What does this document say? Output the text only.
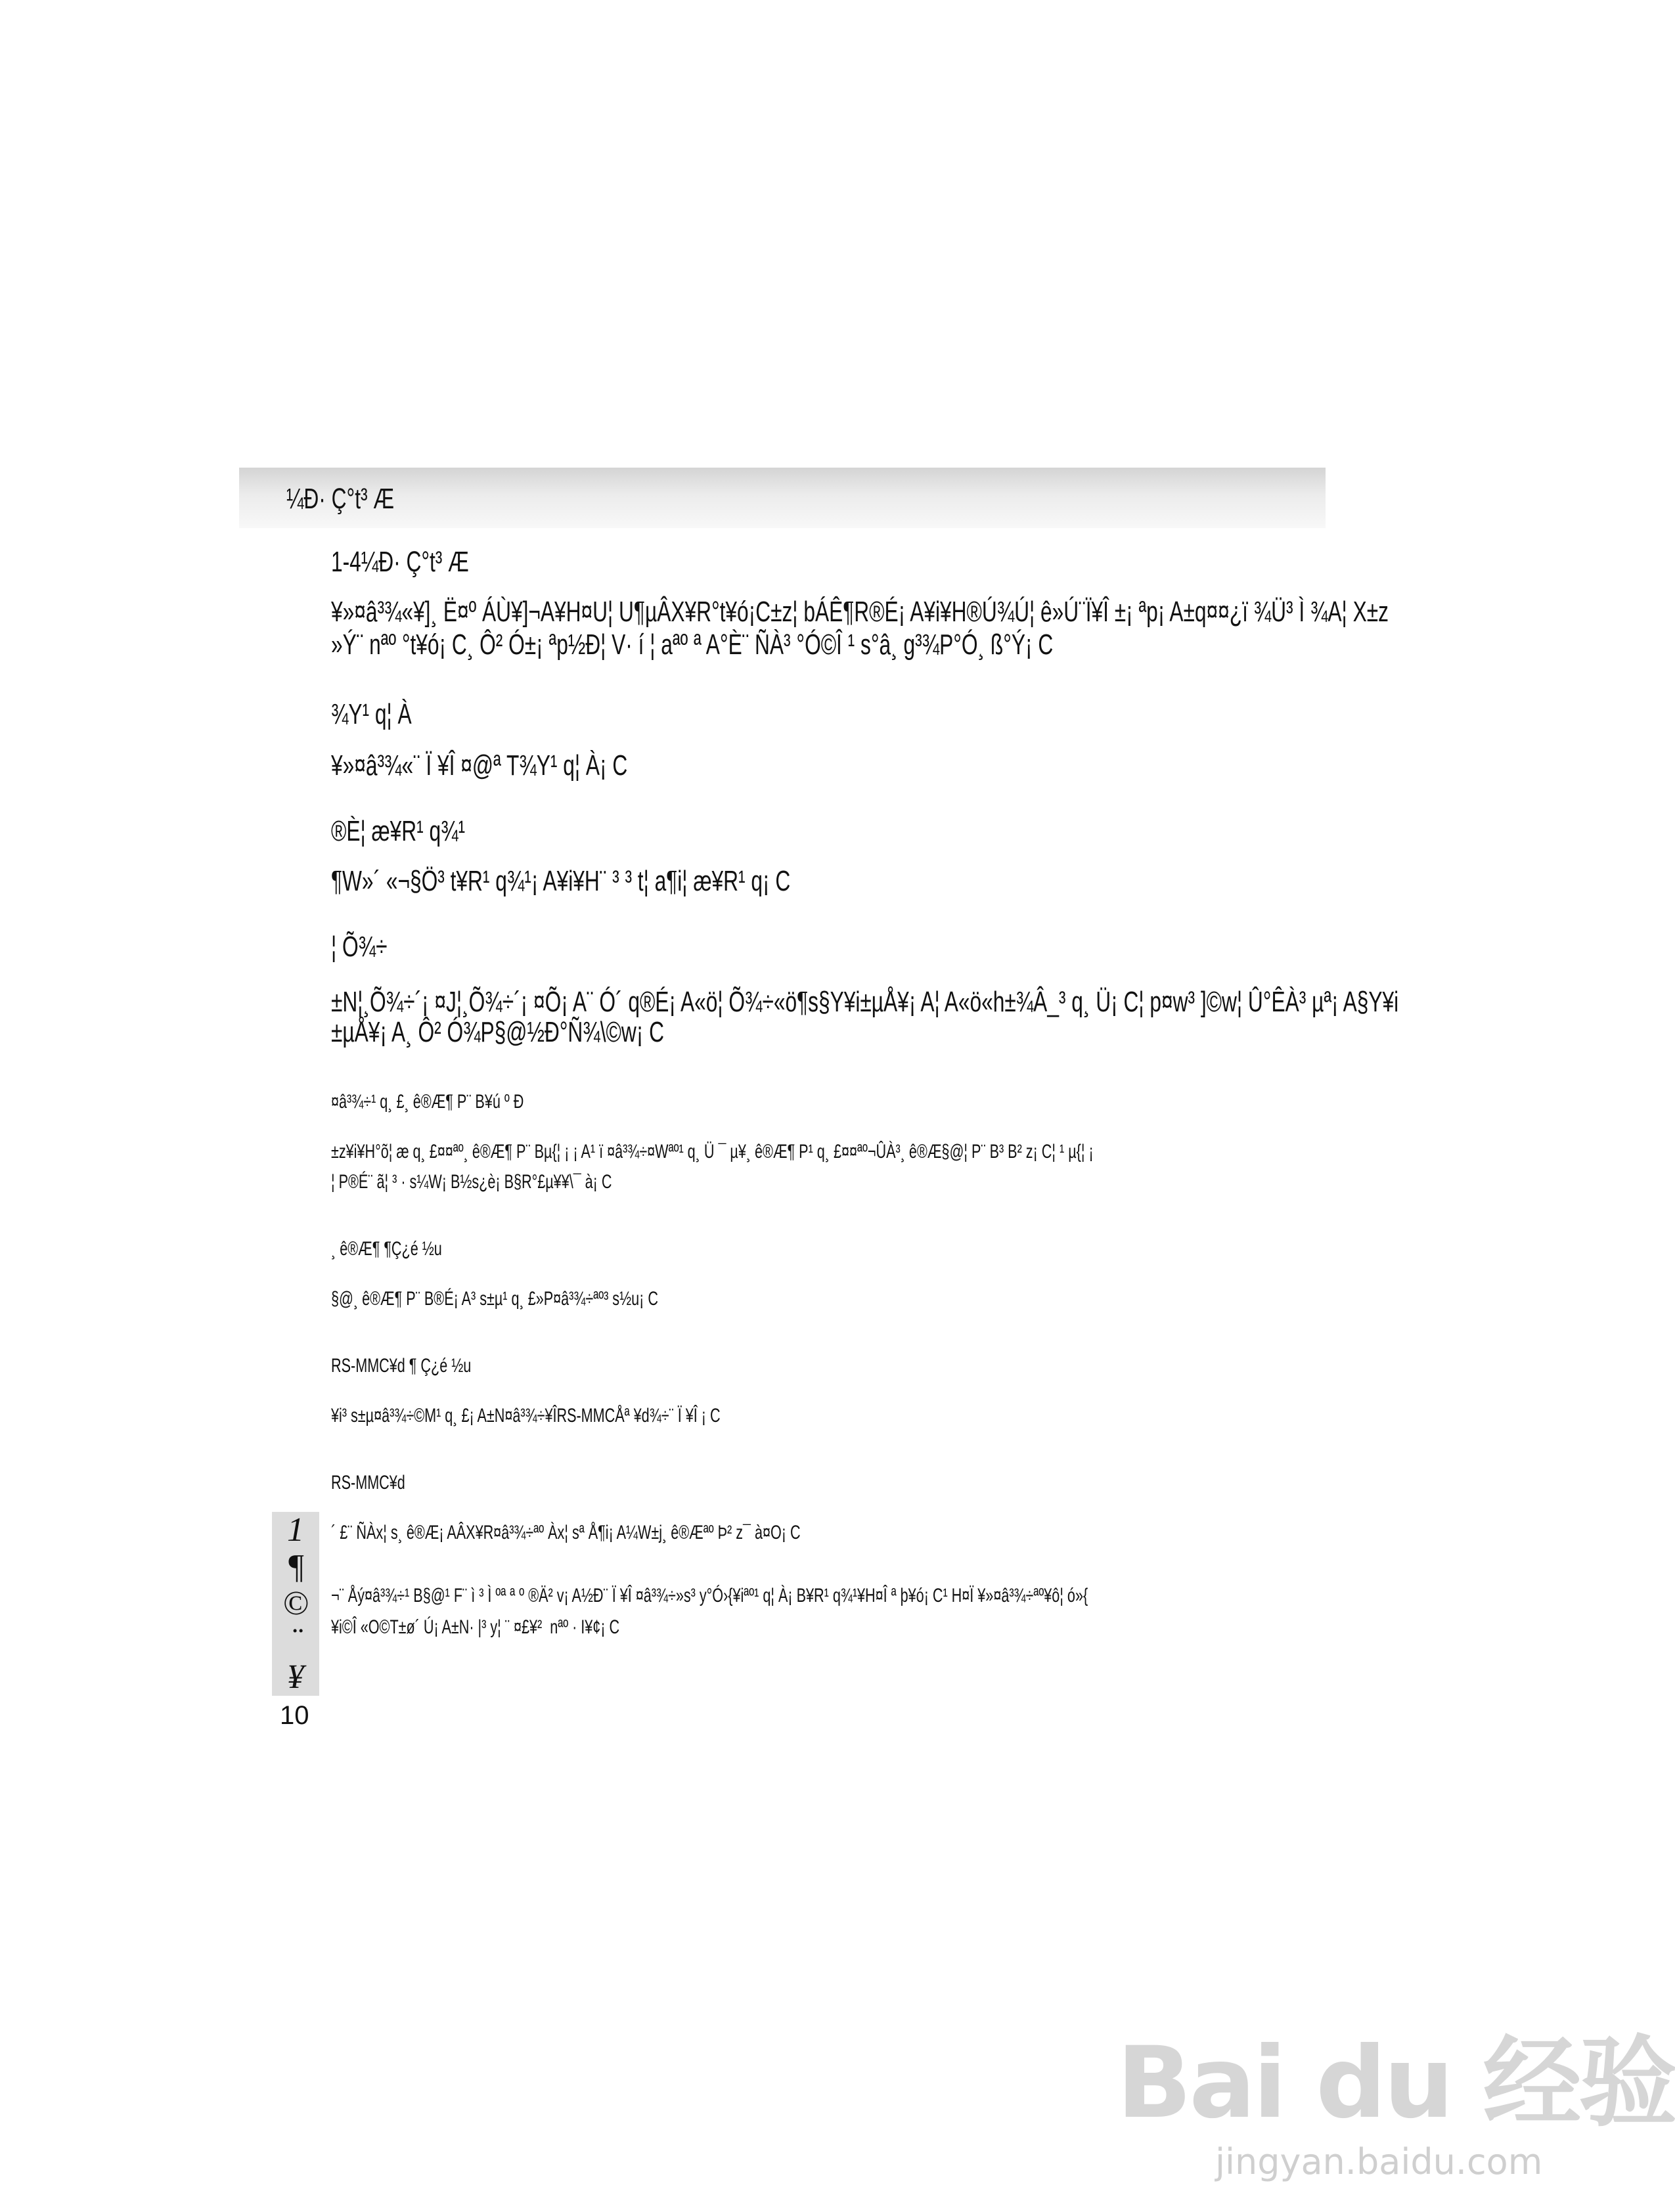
¼Ð· Ç°t³ Æ
1-4¼Ð· Ç°t³ Æ
¥»¤â³¾«¥]¸ Ë¤º ÁÙ¥]¬A¥H¤U¦ U¶µÂX¥R°t¥ó¡C±z¦ bÁÊ¶R®É¡ A¥i¥H®Ú¾Ú¦ ê»Ú¨Ï¥Î ±¡ ªp¡ A±q¤¤¿ï ¾Ü³ Ì ¾A¦ X±z
»Ý¨ nªº °t¥ó¡ C¸ Ô² Ó±¡ ªp½Ð¦ V· í ¦ aªº ª A°È¨ ÑÀ³ °Ó©Î ¹ s°â¸ g³¾P°Ó¸ ß°Ý¡ C
¾Y¹ q¦ À
¥»¤â³¾«¨ Ï ¥Î ¤@ª T¾Y¹ q¦ À¡ C
®È¦ æ¥R¹ q¾¹
¶W»´ «¬§Ö³ t¥R¹ q¾¹¡ A¥i¥H¨ ³ ³ t¦ a¶i¦ æ¥R¹ q¡ C
¦ Õ¾÷
±N¦¸Õ¾÷´¡ ¤J¦¸Õ¾÷´¡ ¤Õ¡ A¨ Ó´ q®É¡ A«ö¦ Õ¾÷«ö¶s§Y¥i±µÅ¥¡ A¦ A«ö«h±¾Â_³ q¸ Ü¡ C¦ p¤w³ ]©w¦ Û°ÊÀ³ µª¡ A§Y¥i
±µÅ¥¡ A¸ Ô² Ó¾P§@½Ð°Ñ¾\©w¡ C
¤â³¾÷¹ q¸ £¸ ê®Æ¶ P¨ B¥ú º Ð
±z¥i¥H°õ¦ æ q¸ £¤¤ªº¸ ê®Æ¶ P¨ Bµ{¦ ¡ ¡ A¹ ï ¤â³¾÷¤Wªº¹ q¸ Ü ¯ µ¥¸ ê®Æ¶ P¹ q¸ £¤¤ªº¬ÛÀ³¸ ê®Æ§@¦ P¨ B³ B² z¡ C¦ ¹ µ{¦ ¡
¦ P®É¨ ã¦ ³ · s¼W¡ B½s¿è¡ B§R°£µ¥¥\¯ à¡ C
¸ ê®Æ¶ ¶Ç¿é ½u
§@¸ ê®Æ¶ P¨ B®É¡ A³ s±µ¹ q¸ £»P¤â³¾÷ªº³ s½u¡ C
RS-MMC¥d ¶ Ç¿é ½u
¥i³ s±µ¤â³¾÷©M¹ q¸ £¡ A±N¤â³¾÷¥ÎRS-MMCÅª ¥d¾÷¨ Ï ¥Î ¡ C
RS-MMC¥d
´ £¨ ÑÀx¦ s¸ ê®Æ¡ AÂX¥R¤â³¾÷ªº Àx¦ sª Å¶i¡ A¼W±j¸ ê®Æªº Þ² z¯ à¤O¡ C
¬¨ Åý¤â³¾÷¹ B§@¹ F¨ ì ³ Ì ºª ª º ®Ä² v¡ A½Ð¨ Ï ¥Î ¤â³¾÷»s³ y°Ó›{¥iªº¹ q¦ À¡ B¥R¹ q¾¹¥H¤Î ª þ¥ó¡ C¹ H¤Ï ¥»¤â³¾÷ªº¥ô¦ ó»{
¥i©Î «O©T±ø´ Ú¡ A±N· |³ y¦ ¨ ¤£¥² nªº · I¥¢¡ C
1
¶
©
¨
¥
10
Bai du 经验
jingyan.baidu.com
